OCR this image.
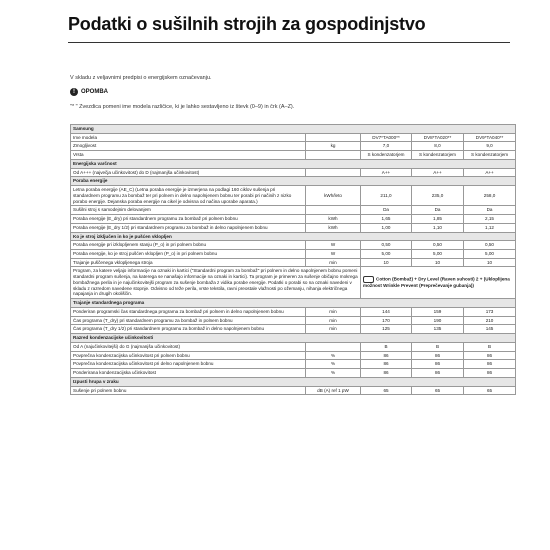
Podatki o sušilnih strojih za gospodinjstvo
V skladu z veljavnimi predpisi o energijskem označevanju.
!	OPOMBA
"* " Zvezdica pomeni ime modela različice, ki je lahko sestavljeno iz števk (0–9) in črk (A–Z).
Samsung				
Ime modela		DV7*TA000**	DV8*TA020**	DV9*TA040**
Zmogljivost	kg	7,0	8,0	9,0
Vrsta		S kondenzatorjem	S kondenzatorjem	S kondenzatorjem
Energijska varčnost				
Od A+++ (največja učinkovitost) do D (najmanjša učinkovitost)		A++	A++	A++
Poraba energije				
Letna poraba energije (AE_C) (Letna poraba energije je izmerjena na podlagi 160 ciklov sušenja pri standardnem programu za bombaž ter pri polnem in delno napolnjenem bobnu ter porabi pri načinih z nizko porabo energije. Dejanska poraba energije na cikel je odvisna od načina uporabe aparata.)	kWh/leto	211,0	235,0	258,0
Sušilni stroj s samodejnim delovanjem		Da	Da	Da
Poraba energije (E_dry) pri standardnem programu za bombaž pri polnem bobnu	kWh	1,65	1,85	2,15
Poraba energije (E_dry 1/2) pri standardnem programu za bombaž in delno napolnjenem bobnu	kWh	1,00	1,10	1,12
Ko je stroj izključen in ko je pušćen vklopljen				
Poraba energije pri izklopljenem stanju (P_o) in pri polnem bobnu	W	0,50	0,50	0,50
Poraba energije, ko je stroj pušćen vklopljen (P_o) in pri polnem bobnu	W	5,00	5,00	5,00
Trajanje puščenega vklopljenega stroja	min	10	10	10
Program, za katere veljajo informacije na oznaki in kartici ("Standardni program za bombaž" pri polnem in delno napolnjenem bobnu pomeni standardni program sušenja, na katerega se nanašajo informacije na oznaki in kartici). Ta program je primeren za sušenje običajno mokrega bombažnega perila in je najučinkovitejši program za sušenje bombaža z vidika porabe energije. Podatki o porabi so na oznaki navedeni v skladu z razredom navedene stopnje. Odvisno od teže perila, vrste tekstila, ravni preostale vlažnosti po ožemanju, nihanja električnega napajanja in drugih okoliščin.		Cotton (Bombaž) + Dry Level (Raven suhosti) 2 + (Ukloplijena možnost Wrinkle Prevent (Preprečevanje gubanja))		
Trajanje standardnega programa				
Ponderiran programski čas standardnega programa za bombaž pri polnem in delno napolnjenem bobnu	min	144	159	173
Čas programa (T_dry) pri standardnem programu za bombaž in polnem bobnu	min	170	190	210
Čas programa (T_dry 1/2) pri standardnem programu za bombaž in delno napolnjenem bobnu	min	125	135	145
Razred kondenzacijske učinkovitosti				
Od A (najučinkovitejši) do G (najmanjša učinkovitost)		B	B	B
Povprečna kondenzacijska učinkovitost pri polnem bobnu	%	86	86	86
Povprečna kondenzacijska učinkovitost pri delno napolnjenem bobnu	%	86	86	86
Ponderirana kondenzacijska učinkovitost	%	86	86	86
Izpusti hrupa v zraku				
Sušenje pri polnem bobnu	dB (A) ref 1 pW	65	65	65
